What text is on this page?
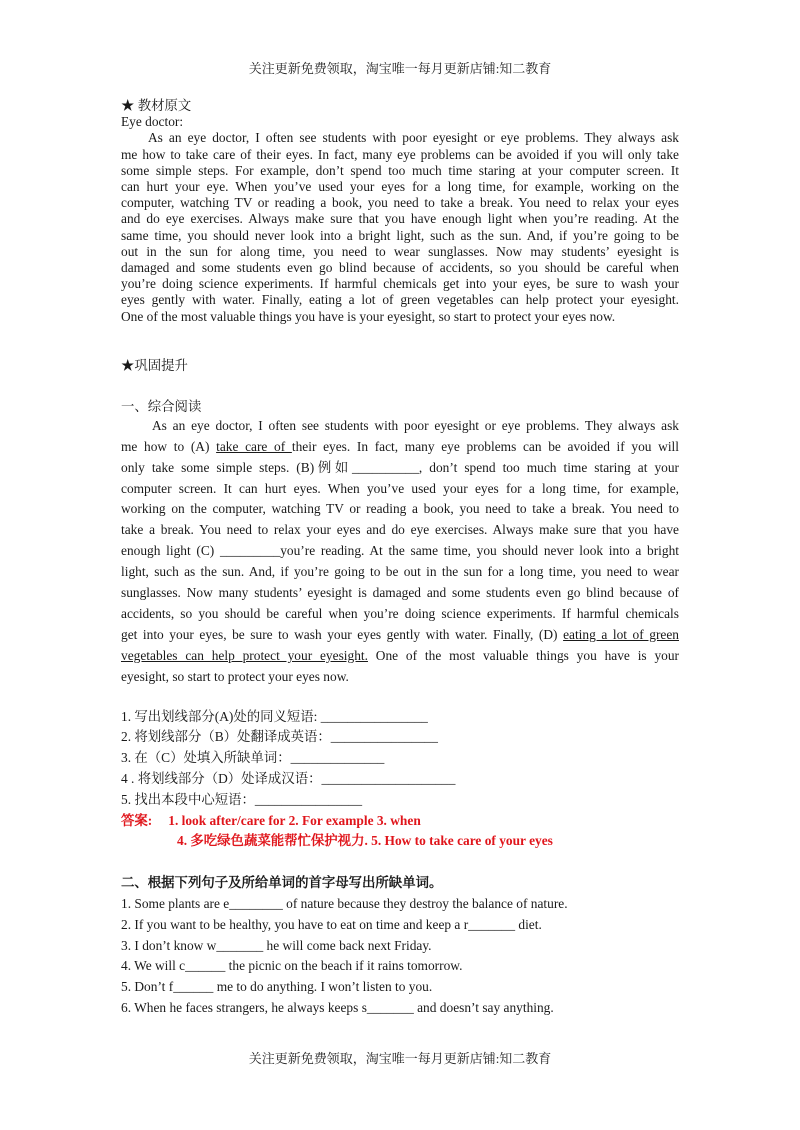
关注更新免费领取，淘宝唯一每月更新店铺:知二教育
★ 教材原文
Eye doctor:
As an eye doctor, I often see students with poor eyesight or eye problems. They always ask
me how to take care of their eyes. In fact, many eye problems can be avoided if you will only take
some simple steps. For example, don’t spend too much time staring at your computer screen. It
can hurt your eye. When you’ve used your eyes for a long time, for example, working on the
computer, watching TV or reading a book, you need to take a break. You need to relax your eyes
and do eye exercises. Always make sure that you have enough light when you’re reading. At the
same time, you should never look into a bright light, such as the sun. And, if you’re going to be
out in the sun for along time, you need to wear sunglasses. Now may students’ eyesight is
damaged and some students even go blind because of accidents, so you should be careful when
you’re doing science experiments. If harmful chemicals get into your eyes, be sure to wash your
eyes gently with water. Finally, eating a lot of green vegetables can help protect your eyesight.
One of the most valuable things you have is your eyesight, so start to protect your eyes now.
★巩固提升
一、综合阅读
As an eye doctor, I often see students with poor eyesight or eye problems. They always ask
me how to (A) take care of their eyes. In fact, many eye problems can be avoided if you will
only take some simple steps. (B)例如__________, don’t spend too much time staring at your
computer screen. It can hurt eyes. When you’ve used your eyes for a long time, for example,
working on the computer, watching TV or reading a book, you need to take a break. You need to
take a break. You need to relax your eyes and do eye exercises. Always make sure that you have
enough light (C) _________you’re reading. At the same time, you should never look into a bright
light, such as the sun. And, if you’re going to be out in the sun for a long time, you need to wear
sunglasses. Now many students’ eyesight is damaged and some students even go blind because of
accidents, so you should be careful when you’re doing science experiments. If harmful chemicals
get into your eyes, be sure to wash your eyes gently with water. Finally, (D) eating a lot of green
vegetables can help protect your eyesight. One of the most valuable things you have is your
eyesight, so start to protect your eyes now.
1. 写出划线部分(A)处的同义短语: ________________
2. 将划线部分（B）处翻译成英语：________________
3. 在（C）处填入所缺单词：______________
4 . 将划线部分（D）处译成汉语：____________________
5. 找出本段中心短语：________________
答案: 1. look after/care for 2. For example 3. when
4. 多吃绿色蔬菜能帮忙保护视力. 5. How to take care of your eyes
二、根据下列句子及所给单词的首字母写出所缺单词。
1. Some plants are e________ of nature because they destroy the balance of nature.
2. If you want to be healthy, you have to eat on time and keep a r_______ diet.
3. I don’t know w_______ he will come back next Friday.
4. We will c______ the picnic on the beach if it rains tomorrow.
5. Don’t f______ me to do anything. I won’t listen to you.
6. When he faces strangers, he always keeps s_______ and doesn’t say anything.
关注更新免费领取，淘宝唯一每月更新店铺:知二教育
